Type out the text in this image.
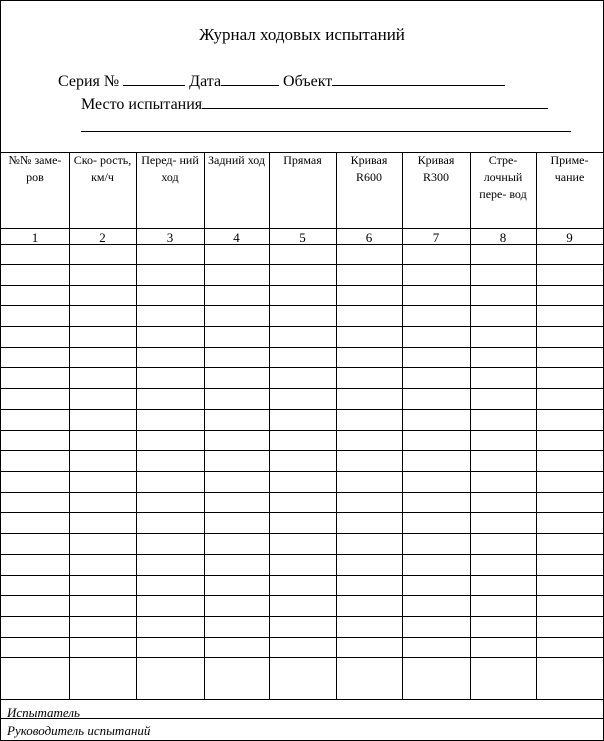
Журнал ходовых испытаний
Серия №	Дата	Объект
Место испытания
№№ заме- ров
1
Ско- рость, км/ч
2
Перед- ний ход
3
Задний ход
4
Прямая
5
Кривая R600
6
Кривая R300
7
Стре- лочный пере- вод
8
Приме- чание
9
Испытатель
Руководитель испытаний
